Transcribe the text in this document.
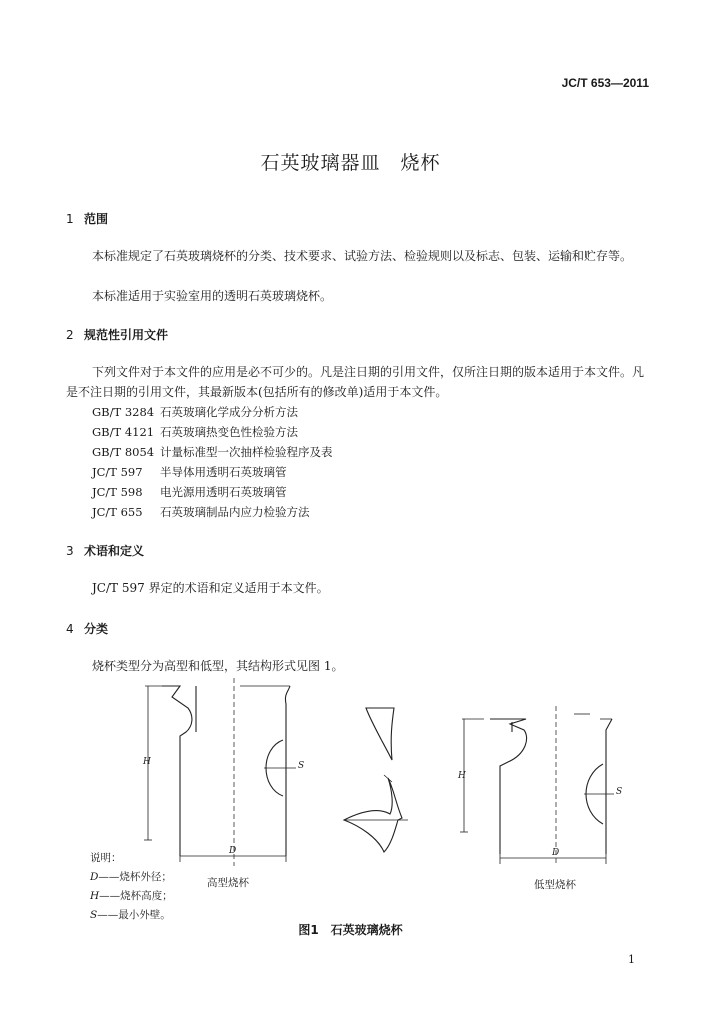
JC/T 653—2011
石英玻璃器皿　烧杯
1 范围
本标准规定了石英玻璃烧杯的分类、技术要求、试验方法、检验规则以及标志、包装、运输和贮存等。
本标准适用于实验室用的透明石英玻璃烧杯。
2 规范性引用文件
下列文件对于本文件的应用是必不可少的。凡是注日期的引用文件，仅所注日期的版本适用于本文件。凡是不注日期的引用文件，其最新版本(包括所有的修改单)适用于本文件。
GB/T 3284 石英玻璃化学成分分析方法
GB/T 4121 石英玻璃热变色性检验方法
GB/T 8054 计量标准型一次抽样检验程序及表
JC/T 597 半导体用透明石英玻璃管
JC/T 598 电光源用透明石英玻璃管
JC/T 655 石英玻璃制品内应力检验方法
3 术语和定义
JC/T 597 界定的术语和定义适用于本文件。
4 分类
烧杯类型分为高型和低型，其结构形式见图 1。
H
D
S
H
D
S
说明：
D——烧杯外径；
H——烧杯高度；
S——最小外壁。
高型烧杯	低型烧杯
图1　石英玻璃烧杯
1
